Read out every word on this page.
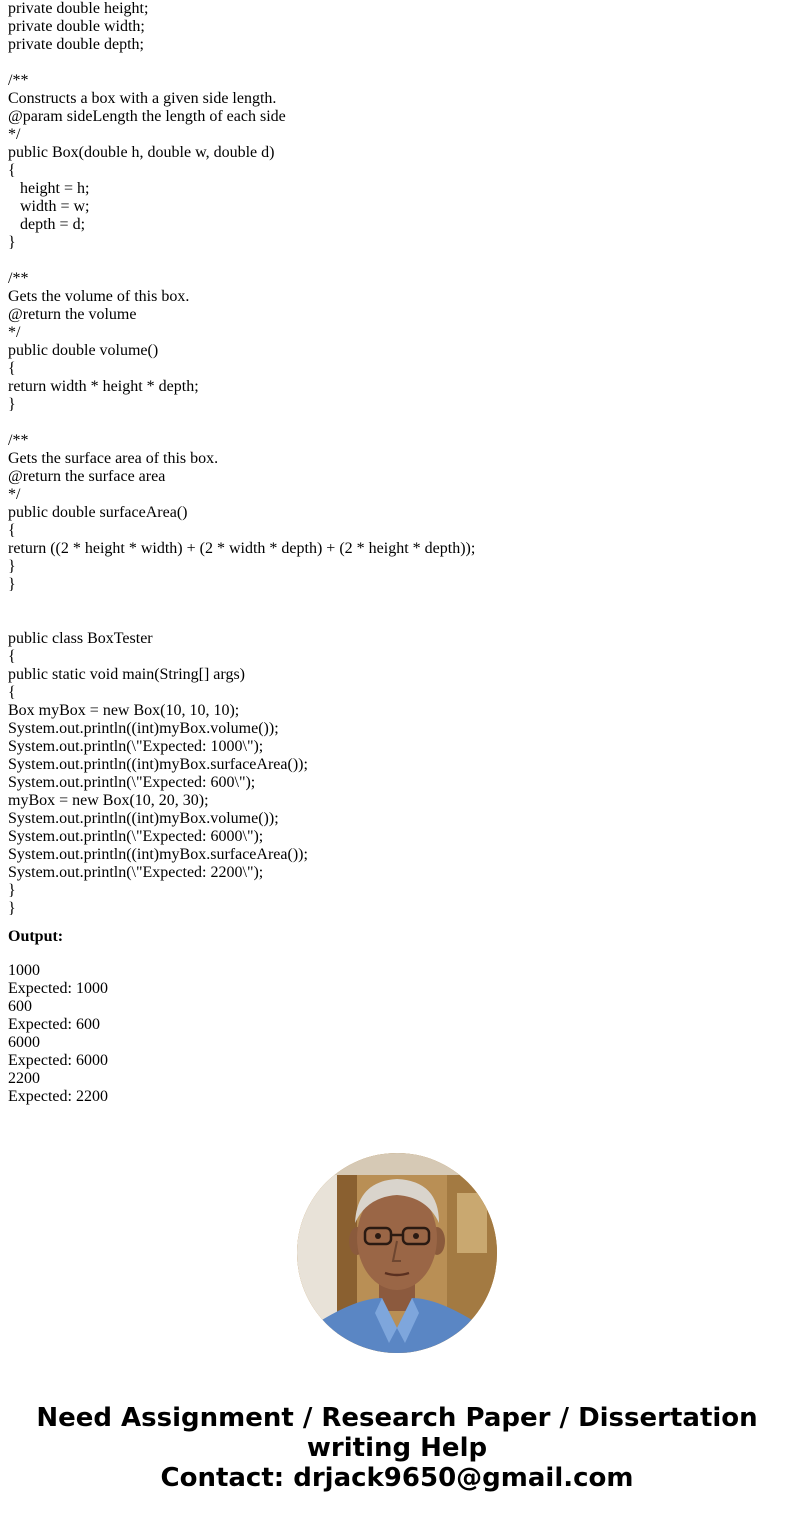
private double height;
private double width;
private double depth;
/**
Constructs a box with a given side length.
@param sideLength the length of each side
*/
public Box(double h, double w, double d)
{
height = h;
width = w;
depth = d;
}
/**
Gets the volume of this box.
@return the volume
*/
public double volume()
{
return width * height * depth;
}
/**
Gets the surface area of this box.
@return the surface area
*/
public double surfaceArea()
{
return ((2 * height * width) + (2 * width * depth) + (2 * height * depth));
}
}
public class BoxTester
{
public static void main(String[] args)
{
Box myBox = new Box(10, 10, 10);
System.out.println((int)myBox.volume());
System.out.println(\"Expected: 1000\");
System.out.println((int)myBox.surfaceArea());
System.out.println(\"Expected: 600\");
myBox = new Box(10, 20, 30);
System.out.println((int)myBox.volume());
System.out.println(\"Expected: 6000\");
System.out.println((int)myBox.surfaceArea());
System.out.println(\"Expected: 2200\");
}
}
Output:
1000
Expected: 1000
600
Expected: 600
6000
Expected: 6000
2200
Expected: 2200
Need Assignment / Research Paper / Dissertation
writing Help
Contact: drjack9650@gmail.com
